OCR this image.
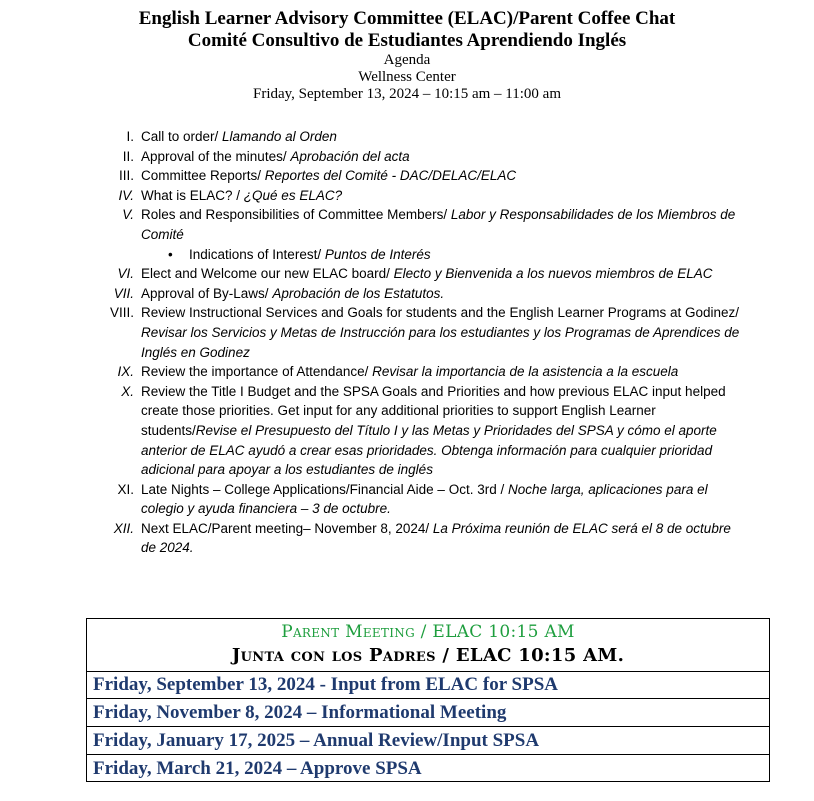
English Learner Advisory Committee (ELAC)/Parent Coffee Chat
Comité Consultivo de Estudiantes Aprendiendo Inglés
Agenda
Wellness Center
Friday, September 13, 2024 – 10:15 am – 11:00 am
I. Call to order/ Llamando al Orden
II. Approval of the minutes/ Aprobación del acta
III. Committee Reports/ Reportes del Comité - DAC/DELAC/ELAC
IV. What is ELAC? / ¿Qué es ELAC?
V. Roles and Responsibilities of Committee Members/ Labor y Responsabilidades de los Miembros de Comité
• Indications of Interest/ Puntos de Interés
VI. Elect and Welcome our new ELAC board/ Electo y Bienvenida a los nuevos miembros de ELAC
VII. Approval of By-Laws/ Aprobación de los Estatutos.
VIII. Review Instructional Services and Goals for students and the English Learner Programs at Godinez/ Revisar los Servicios y Metas de Instrucción para los estudiantes y los Programas de Aprendices de Inglés en Godinez
IX. Review the importance of Attendance/ Revisar la importancia de la asistencia a la escuela
X. Review the Title I Budget and the SPSA Goals and Priorities and how previous ELAC input helped create those priorities. Get input for any additional priorities to support English Learner students/Revise el Presupuesto del Título I y las Metas y Prioridades del SPSA y cómo el aporte anterior de ELAC ayudó a crear esas prioridades. Obtenga información para cualquier prioridad adicional para apoyar a los estudiantes de inglés
XI. Late Nights – College Applications/Financial Aide – Oct. 3rd / Noche larga, aplicaciones para el colegio y ayuda financiera – 3 de octubre.
XII. Next ELAC/Parent meeting– November 8, 2024/ La Próxima reunión de ELAC será el 8 de octubre de 2024.
Parent Meeting / ELAC 10:15 AM
Junta con los Padres / ELAC 10:15 AM.
Friday, September 13, 2024 - Input from ELAC for SPSA
Friday, November 8, 2024 – Informational Meeting
Friday, January 17, 2025 – Annual Review/Input SPSA
Friday, March 21, 2024 – Approve SPSA
